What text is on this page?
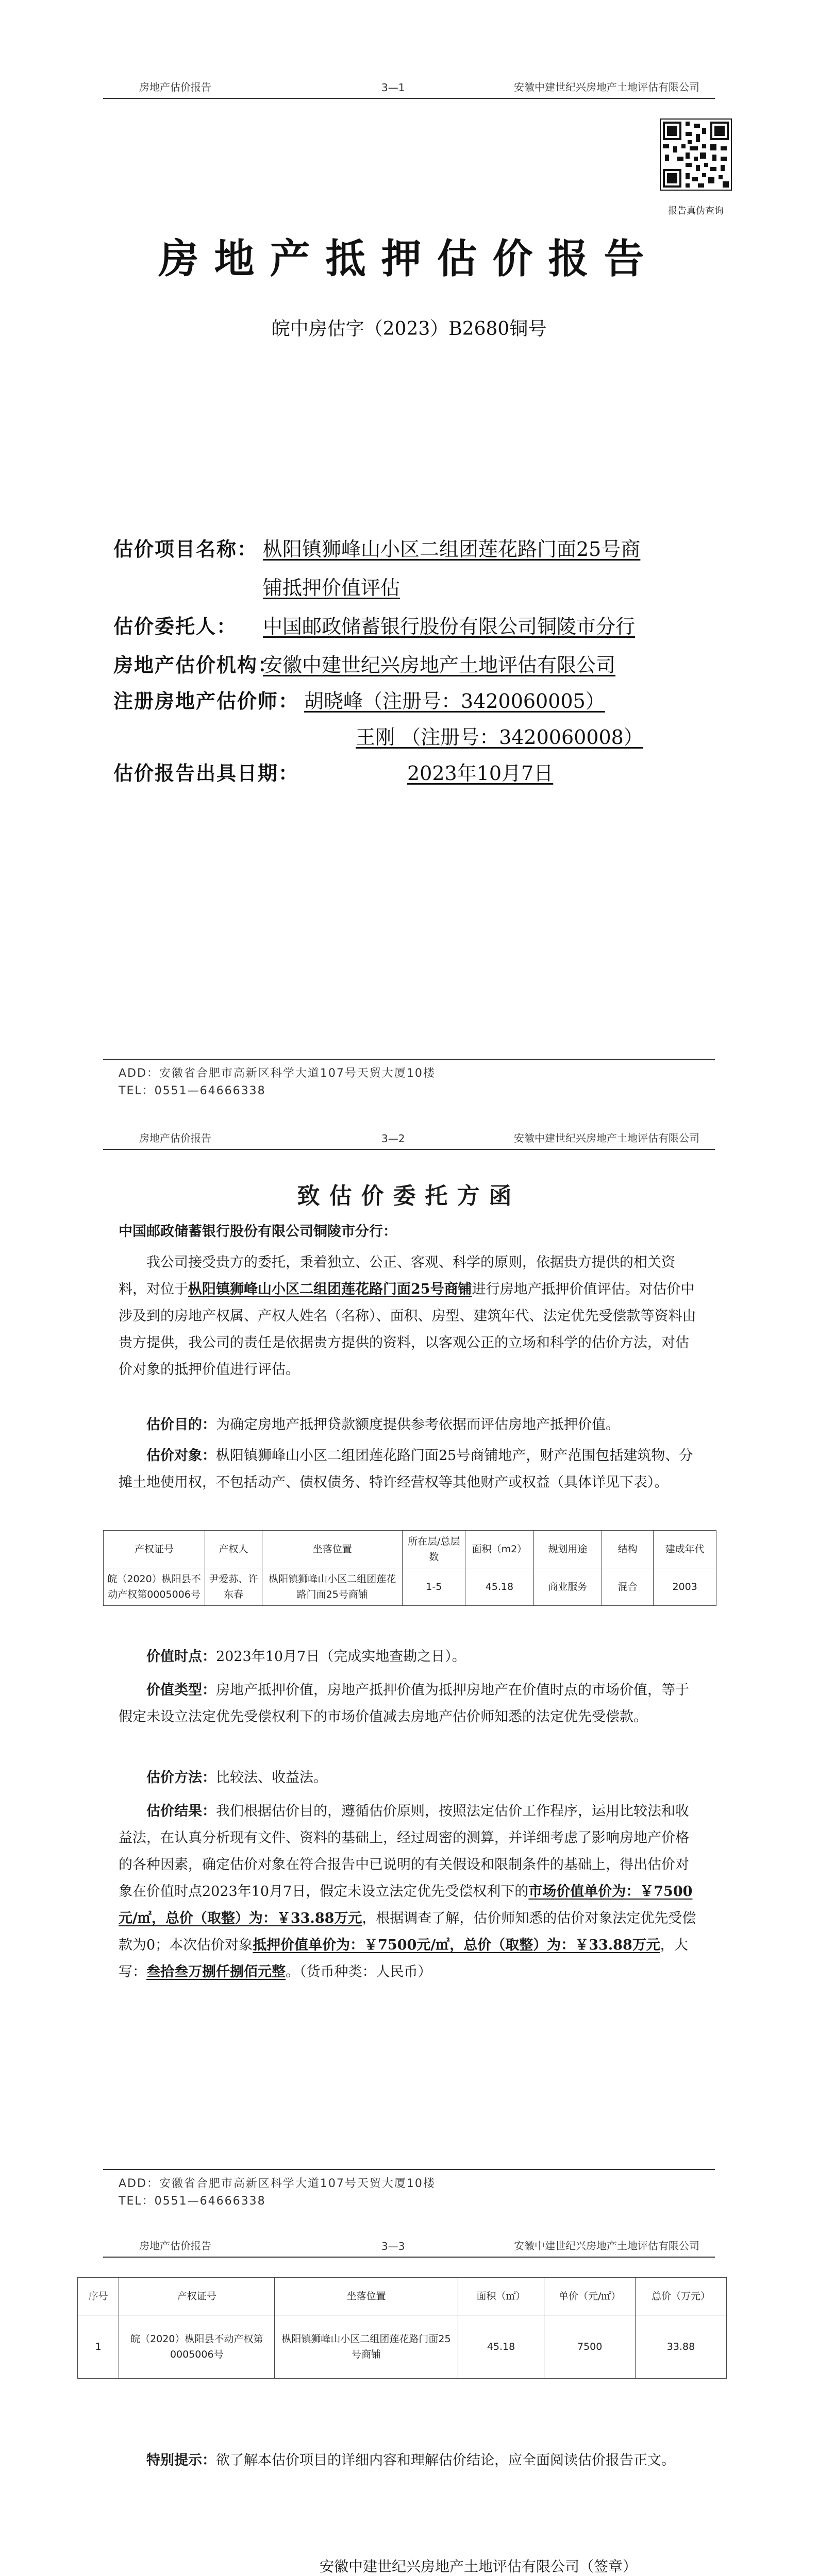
房地产估价报告	3—1	安徽中建世纪兴房地产土地评估有限公司
报告真伪查询
房地产抵押估价报告
皖中房估字（2023）B2680铜号
估价项目名称： 枞阳镇狮峰山小区二组团莲花路门面25号商
铺抵押价值评估
估价委托人： 中国邮政储蓄银行股份有限公司铜陵市分行
房地产估价机构：
安徽中建世纪兴房地产土地评估有限公司
注册房地产估价师： 胡晓峰（注册号：3420060005）
王刚 （注册号：3420060008）
估价报告出具日期：	2023年10月7日
ADD：安徽省合肥市高新区科学大道107号天贸大厦10楼
TEL：0551—64666338
房地产估价报告	3—2	安徽中建世纪兴房地产土地评估有限公司
致估价委托方函
中国邮政储蓄银行股份有限公司铜陵市分行：
我公司接受贵方的委托，秉着独立、公正、客观、科学的原则，依据贵方提供的相关资料，对位于枞阳镇狮峰山小区二组团莲花路门面25号商铺进行房地产抵押价值评估。对估价中涉及到的房地产权属、产权人姓名（名称）、面积、房型、建筑年代、法定优先受偿款等资料由贵方提供，我公司的责任是依据贵方提供的资料，以客观公正的立场和科学的估价方法，对估价对象的抵押价值进行评估。
估价目的：为确定房地产抵押贷款额度提供参考依据而评估房地产抵押价值。
估价对象：枞阳镇狮峰山小区二组团莲花路门面25号商铺地产，财产范围包括建筑物、分摊土地使用权，不包括动产、债权债务、特许经营权等其他财产或权益（具体详见下表）。
产权证号	产权人	坐落位置	所在层/总层数	面积（m2）	规划用途	结构	建成年代
皖（2020）枞阳县不动产权第0005006号	尹爱荪、许东春	枞阳镇狮峰山小区二组团莲花路门面25号商铺	1-5	45.18	商业服务	混合	2003
价值时点：2023年10月7日（完成实地查勘之日）。
价值类型：房地产抵押价值，房地产抵押价值为抵押房地产在价值时点的市场价值，等于假定未设立法定优先受偿权利下的市场价值减去房地产估价师知悉的法定优先受偿款。
估价方法：比较法、收益法。
估价结果：我们根据估价目的，遵循估价原则，按照法定估价工作程序，运用比较法和收益法，在认真分析现有文件、资料的基础上，经过周密的测算，并详细考虑了影响房地产价格的各种因素，确定估价对象在符合报告中已说明的有关假设和限制条件的基础上，得出估价对象在价值时点2023年10月7日，假定未设立法定优先受偿权利下的市场价值单价为：￥7500元/㎡，总价（取整）为：￥33.88万元，根据调查了解，估价师知悉的估价对象法定优先受偿款为0；本次估价对象抵押价值单价为：￥7500元/㎡，总价（取整）为：￥33.88万元，大写：叁拾叁万捌仟捌佰元整。（货币种类：人民币）
ADD：安徽省合肥市高新区科学大道107号天贸大厦10楼
TEL：0551—64666338
房地产估价报告	3—3	安徽中建世纪兴房地产土地评估有限公司
序号	产权证号	坐落位置	面积（㎡）	单价（元/㎡）	总价（万元）
1	皖（2020）枞阳县不动产权第0005006号	枞阳镇狮峰山小区二组团莲花路门面25号商铺	45.18	7500	33.88
特别提示：欲了解本估价项目的详细内容和理解估价结论，应全面阅读估价报告正文。
安徽中建世纪兴房地产土地评估有限公司（签章）
